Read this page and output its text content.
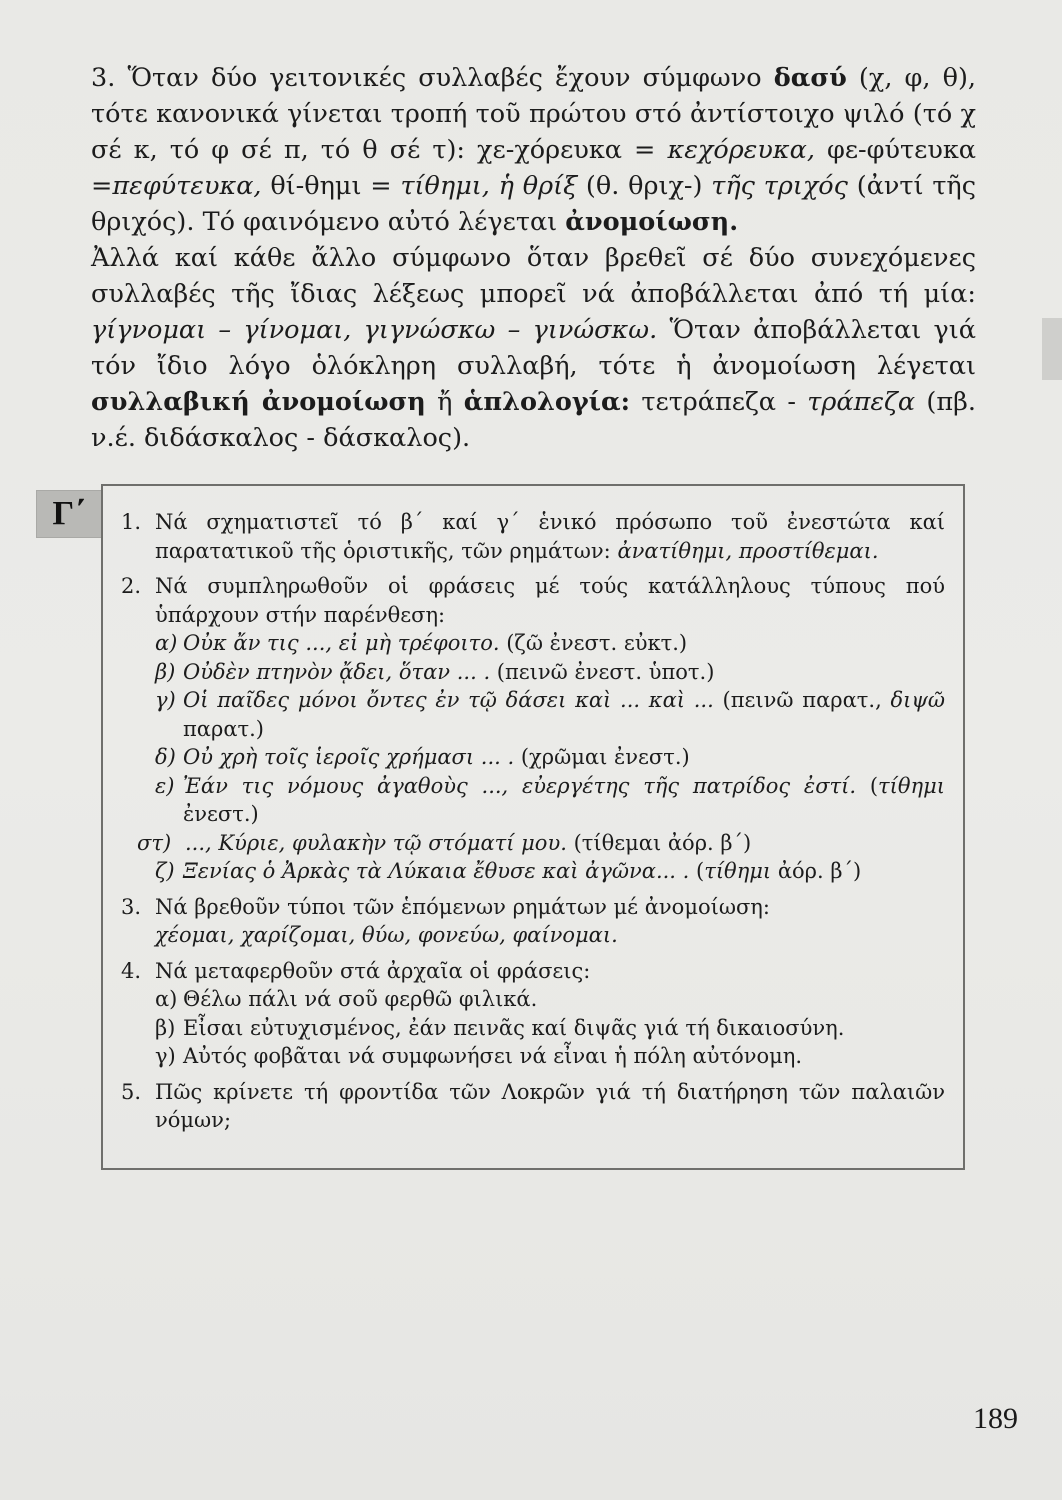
3. Ὅταν δύο γειτονικές συλλαβές ἔχουν σύμφωνο δασύ (χ, φ, θ), τότε κανονικά γίνεται τροπή τοῦ πρώτου στό ἀντίστοιχο ψιλό (τό χ σέ κ, τό φ σέ π, τό θ σέ τ): χε-χόρευκα = κεχόρευκα, φε-φύτευκα =πεφύτευκα, θί-θημι = τίθημι, ἡ θρίξ (θ. θριχ-) τῆς τριχός (ἀντί τῆς θριχός). Τό φαινόμενο αὐτό λέγεται ἀνομοίωση.

Ἀλλά καί κάθε ἄλλο σύμφωνο ὅταν βρεθεῖ σέ δύο συνεχόμενες συλλαβές τῆς ἴδιας λέξεως μπορεῖ νά ἀποβάλλεται ἀπό τή μία: γίγνομαι – γίνομαι, γιγνώσκω – γινώσκω. Ὅταν ἀποβάλλεται γιά τόν ἴδιο λόγο ὁλόκληρη συλλαβή, τότε ἡ ἀνομοίωση λέγεται συλλαβική ἀνομοίωση ἤ ἁπλολογία: τετράπεζα - τράπεζα (πβ. ν.έ. διδάσκαλος - δάσκαλος).

Γ΄	1. Νά σχηματιστεῖ τό β΄ καί γ΄ ἑνικό πρόσωπο τοῦ ἐνεστώτα καί παρατατικοῦ τῆς ὁριστικῆς, τῶν ρημάτων: ἀνατίθημι, προστίθεμαι.

2. Νά συμπληρωθοῦν οἱ φράσεις μέ τούς κατάλληλους τύπους πού ὑπάρχουν στήν παρένθεση:

α) Οὐκ ἄν τις ..., εἰ μὴ τρέφοιτο. (ζῶ ἐνεστ. εὐκτ.)
β) Οὐδὲν πτηνὸν ᾄδει, ὅταν ... . (πεινῶ ἐνεστ. ὑποτ.)
γ) Οἱ παῖδες μόνοι ὄντες ἐν τῷ δάσει καὶ ... καὶ ... (πεινῶ παρατ., διψῶ παρατ.)
δ) Οὐ χρὴ τοῖς ἱεροῖς χρήμασι ... . (χρῶμαι ἐνεστ.)
ε) Ἐάν τις νόμους ἀγαθοὺς ..., εὐεργέτης τῆς πατρίδος ἐστί. (τίθημι ἐνεστ.)
στ) ..., Κύριε, φυλακὴν τῷ στόματί μου. (τίθεμαι ἀόρ. β΄)
ζ) Ξενίας ὁ Ἀρκὰς τὰ Λύκαια ἔθυσε καὶ ἀγῶνα... . (τίθημι ἀόρ. β΄)
3. Νά βρεθοῦν τύποι τῶν ἑπόμενων ρημάτων μέ ἀνομοίωση:

χέομαι, χαρίζομαι, θύω, φονεύω, φαίνομαι.

4. Νά μεταφερθοῦν στά ἀρχαῖα οἱ φράσεις:

α) Θέλω πάλι νά σοῦ φερθῶ φιλικά.
β) Εἶσαι εὐτυχισμένος, ἐάν πεινᾶς καί διψᾶς γιά τή δικαιοσύνη.
γ) Αὐτός φοβᾶται νά συμφωνήσει νά εἶναι ἡ πόλη αὐτόνομη.
5. Πῶς κρίνετε τή φροντίδα τῶν Λοκρῶν γιά τή διατήρηση τῶν παλαιῶν νόμων;

189
